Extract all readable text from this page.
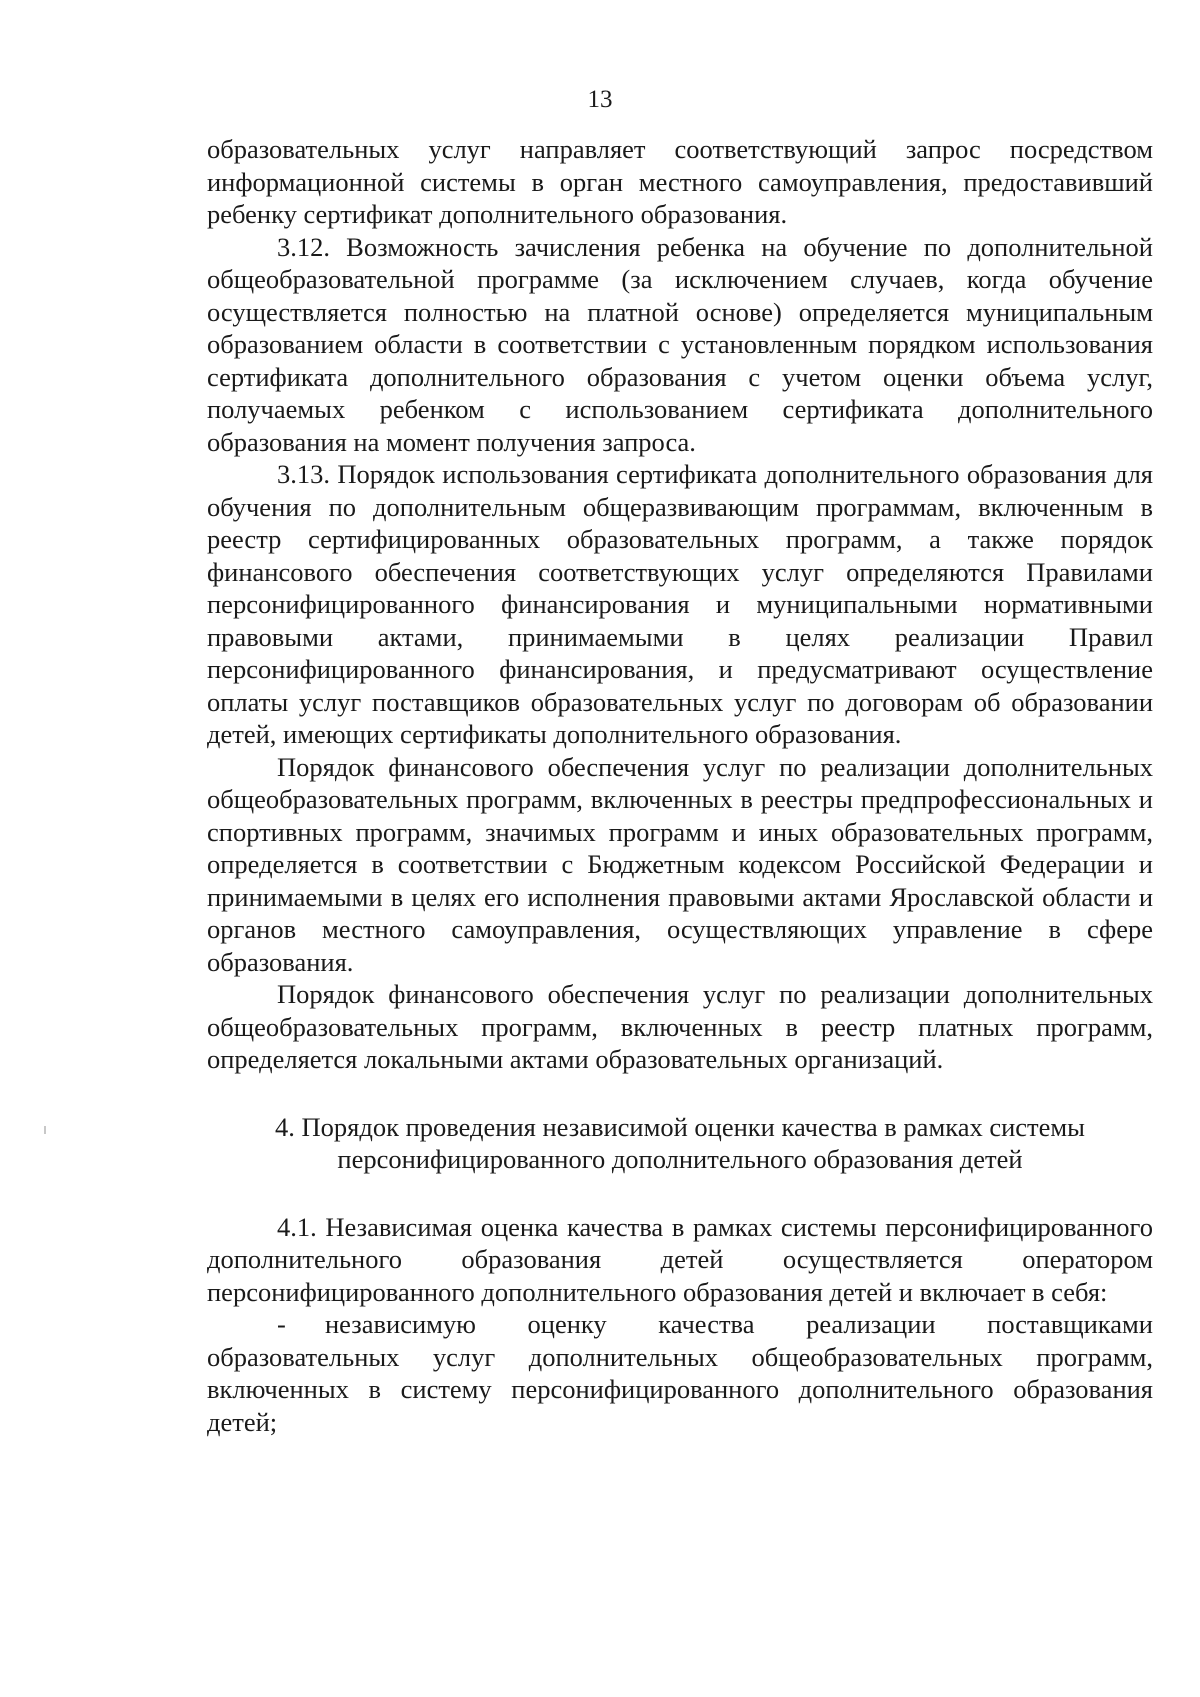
13

образовательных услуг направляет соответствующий запрос посредством информационной системы в орган местного самоуправления, предоставивший ребенку сертификат дополнительного образования.

3.12. Возможность зачисления ребенка на обучение по дополнительной общеобразовательной программе (за исключением случаев, когда обучение осуществляется полностью на платной основе) определяется муниципальным образованием области в соответствии с установленным порядком использования сертификата дополнительного образования с учетом оценки объема услуг, получаемых ребенком с использованием сертификата дополнительного образования на момент получения запроса.

3.13. Порядок использования сертификата дополнительного образования для обучения по дополнительным общеразвивающим программам, включенным в реестр сертифицированных образовательных программ, а также порядок финансового обеспечения соответствующих услуг определяются Правилами персонифицированного финансирования и муниципальными нормативными правовыми актами, принимаемыми в целях реализации Правил персонифицированного финансирования, и предусматривают осуществление оплаты услуг поставщиков образовательных услуг по договорам об образовании детей, имеющих сертификаты дополнительного образования.

Порядок финансового обеспечения услуг по реализации дополнительных общеобразовательных программ, включенных в реестры предпрофессиональных и спортивных программ, значимых программ и иных образовательных программ, определяется в соответствии с Бюджетным кодексом Российской Федерации и принимаемыми в целях его исполнения правовыми актами Ярославской области и органов местного самоуправления, осуществляющих управление в сфере образования.

Порядок финансового обеспечения услуг по реализации дополнительных общеобразовательных программ, включенных в реестр платных программ, определяется локальными актами образовательных организаций.

4. Порядок проведения независимой оценки качества в рамках системы персонифицированного дополнительного образования детей

4.1. Независимая оценка качества в рамках системы персонифицированного дополнительного образования детей осуществляется оператором персонифицированного дополнительного образования детей и включает в себя:

- независимую оценку качества реализации поставщиками образовательных услуг дополнительных общеобразовательных программ, включенных в систему персонифицированного дополнительного образования детей;
